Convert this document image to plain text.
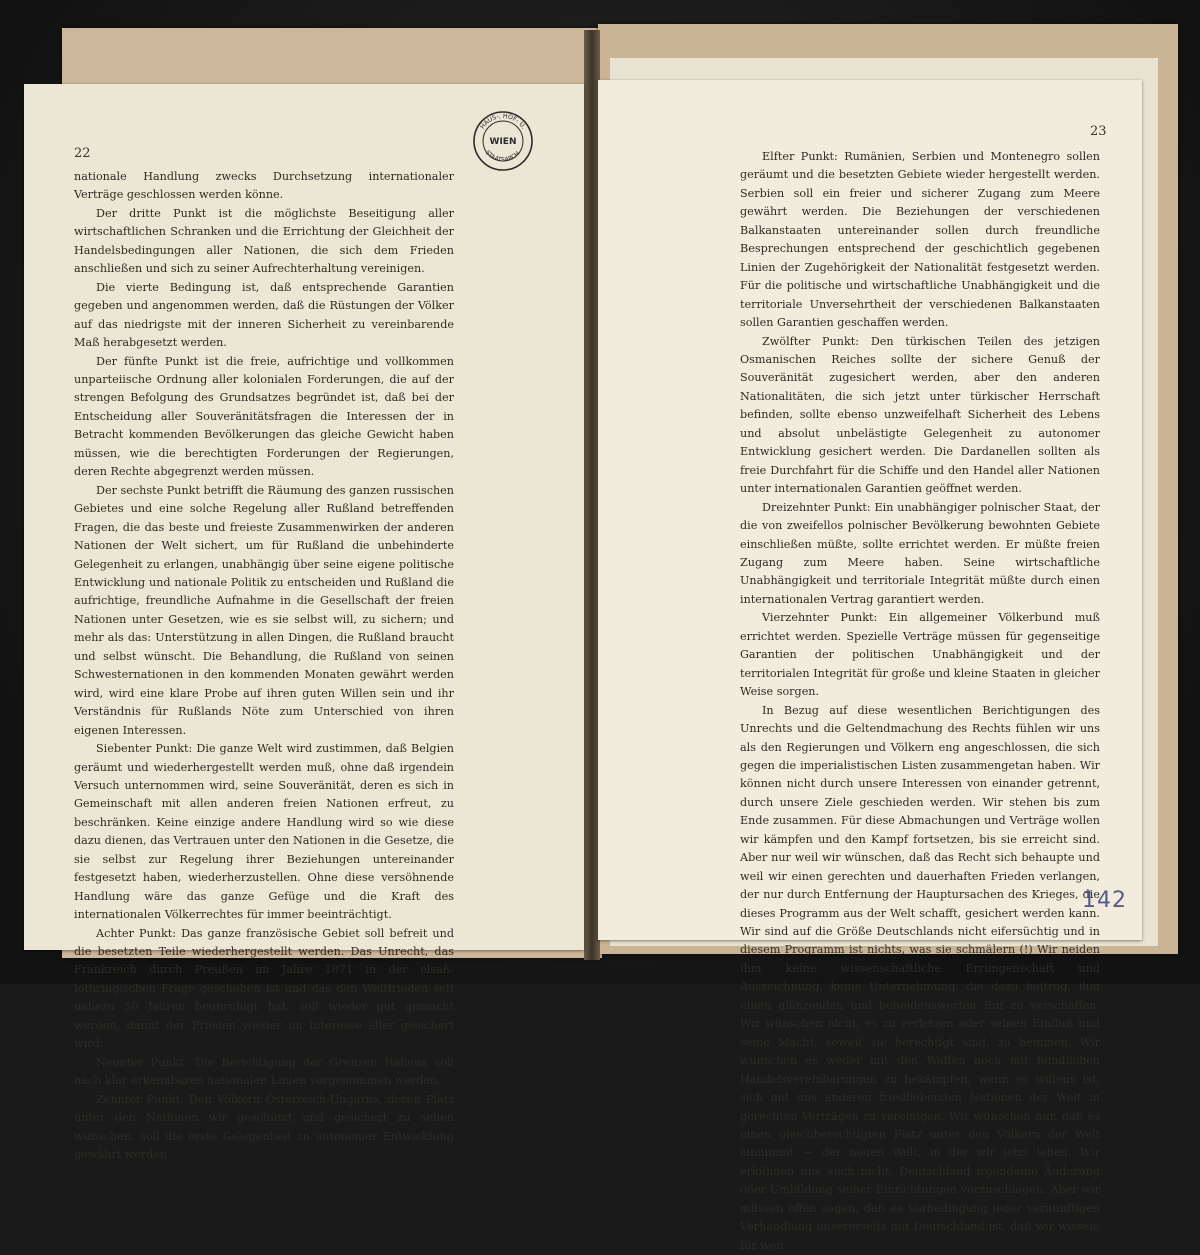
22
HAUS-, HOF- U.
STAATSARCH.
WIEN

nationale Handlung zwecks Durchsetzung internationaler Verträge geschlossen werden könne.

Der dritte Punkt ist die möglichste Beseitigung aller wirtschaftlichen Schranken und die Errichtung der Gleichheit der Handelsbedingungen aller Nationen, die sich dem Frieden anschließen und sich zu seiner Aufrechterhaltung vereinigen.

Die vierte Bedingung ist, daß entsprechende Garantien gegeben und angenommen werden, daß die Rüstungen der Völker auf das niedrigste mit der inneren Sicherheit zu vereinbarende Maß herabgesetzt werden.

Der fünfte Punkt ist die freie, aufrichtige und vollkommen unparteiische Ordnung aller kolonialen Forderungen, die auf der strengen Befolgung des Grundsatzes begründet ist, daß bei der Entscheidung aller Souveränitätsfragen die Interessen der in Betracht kommenden Bevölkerungen das gleiche Gewicht haben müssen, wie die berechtigten Forderungen der Regierungen, deren Rechte abgegrenzt werden müssen.

Der sechste Punkt betrifft die Räumung des ganzen russischen Gebietes und eine solche Regelung aller Rußland betreffenden Fragen, die das beste und freieste Zusammenwirken der anderen Nationen der Welt sichert, um für Rußland die unbehinderte Gelegenheit zu erlangen, unabhängig über seine eigene politische Entwicklung und nationale Politik zu entscheiden und Rußland die aufrichtige, freundliche Aufnahme in die Gesellschaft der freien Nationen unter Gesetzen, wie es sie selbst will, zu sichern; und mehr als das: Unterstützung in allen Dingen, die Rußland braucht und selbst wünscht. Die Behandlung, die Rußland von seinen Schwesternationen in den kommenden Monaten gewährt werden wird, wird eine klare Probe auf ihren guten Willen sein und ihr Verständnis für Rußlands Nöte zum Unterschied von ihren eigenen Interessen.

Siebenter Punkt: Die ganze Welt wird zustimmen, daß Belgien geräumt und wiederhergestellt werden muß, ohne daß irgendein Versuch unternommen wird, seine Souveränität, deren es sich in Gemeinschaft mit allen anderen freien Nationen erfreut, zu beschränken. Keine einzige andere Handlung wird so wie diese dazu dienen, das Vertrauen unter den Nationen in die Gesetze, die sie selbst zur Regelung ihrer Beziehungen untereinander festgesetzt haben, wiederherzustellen. Ohne diese versöhnende Handlung wäre das ganze Gefüge und die Kraft des internationalen Völkerrechtes für immer beeinträchtigt.

Achter Punkt: Das ganze französische Gebiet soll befreit und die besetzten Teile wiederhergestellt werden. Das Unrecht, das Frankreich durch Preußen im Jahre 1871 in der elsaß-lothringischen Frage geschehen ist und das den Weltfrieden seit nahezu 50 Jahren beunruhigt hat, soll wieder gut gemacht werden, damit der Frieden wieder im Interesse aller gesichert wird.

Neunter Punkt: Die Berichtigung der Grenzen Italiens soll nach klar erkennbaren nationalen Linien vorgenommen werden.

Zehnter Punkt: Den Völkern Österreich-Ungarns, deren Platz unter den Nationen wir geschützt und gesichert zu sehen wünschen, soll die erste Gelegenheit zu autonomer Entwicklung gewährt werden.

23

Elfter Punkt: Rumänien, Serbien und Montenegro sollen geräumt und die besetzten Gebiete wieder hergestellt werden. Serbien soll ein freier und sicherer Zugang zum Meere gewährt werden. Die Beziehungen der verschiedenen Balkanstaaten untereinander sollen durch freundliche Besprechungen entsprechend der geschichtlich gegebenen Linien der Zugehörigkeit der Nationalität festgesetzt werden. Für die politische und wirtschaftliche Unabhängigkeit und die territoriale Unversehrtheit der verschiedenen Balkanstaaten sollen Garantien geschaffen werden.

Zwölfter Punkt: Den türkischen Teilen des jetzigen Osmanischen Reiches sollte der sichere Genuß der Souveränität zugesichert werden, aber den anderen Nationalitäten, die sich jetzt unter türkischer Herrschaft befinden, sollte ebenso unzweifelhaft Sicherheit des Lebens und absolut unbelästigte Gelegenheit zu autonomer Entwicklung gesichert werden. Die Dardanellen sollten als freie Durchfahrt für die Schiffe und den Handel aller Nationen unter internationalen Garantien geöffnet werden.

Dreizehnter Punkt: Ein unabhängiger polnischer Staat, der die von zweifellos polnischer Bevölkerung bewohnten Gebiete einschließen müßte, sollte errichtet werden. Er müßte freien Zugang zum Meere haben. Seine wirtschaftliche Unabhängigkeit und territoriale Integrität müßte durch einen internationalen Vertrag garantiert werden.

Vierzehnter Punkt: Ein allgemeiner Völkerbund muß errichtet werden. Spezielle Verträge müssen für gegenseitige Garantien der politischen Unabhängigkeit und der territorialen Integrität für große und kleine Staaten in gleicher Weise sorgen.

In Bezug auf diese wesentlichen Berichtigungen des Unrechts und die Geltendmachung des Rechts fühlen wir uns als den Regierungen und Völkern eng angeschlossen, die sich gegen die imperialistischen Listen zusammengetan haben. Wir können nicht durch unsere Interessen von einander getrennt, durch unsere Ziele geschieden werden. Wir stehen bis zum Ende zusammen. Für diese Abmachungen und Verträge wollen wir kämpfen und den Kampf fortsetzen, bis sie erreicht sind. Aber nur weil wir wünschen, daß das Recht sich behaupte und weil wir einen gerechten und dauerhaften Frieden verlangen, der nur durch Entfernung der Hauptursachen des Krieges, die dieses Programm aus der Welt schafft, gesichert werden kann. Wir sind auf die Größe Deutschlands nicht eifersüchtig und in diesem Programm ist nichts, was sie schmälern (!) Wir neiden ihm keine wissenschaftliche Errungenschaft und Auszeichnung, keine Unternehmung, die dazu beitrug, ihm einen glänzenden und beneidenswerten Ruf zu verschaffen. Wir wünschen nicht, es zu verletzen oder seinen Einfluß und seine Macht, soweit sie berechtigt sind, zu hemmen. Wir wünschen es weder mit den Waffen noch mit feindlichen Handelsvereinbarungen zu bekämpfen, wenn es willens ist, sich mit uns anderen friedliebenden Nationen der Welt in gerechten Verträgen zu vereinigen. Wir wünschen nur, daß es einen gleichberechtigten Platz unter den Völkern der Welt einnimmt — der neuen Welt, in der wir jetzt leben. Wir erkühnen uns auch nicht, Deutschland irgendeine Änderung oder Umbildung seiner Einrichtungen vorzuschlagen. Aber wir müssen offen sagen, daß es Vorbedingung jeder vernünftigen Verhandlung unsererseits mit Deutschland ist, daß wir wissen, für wen

142
